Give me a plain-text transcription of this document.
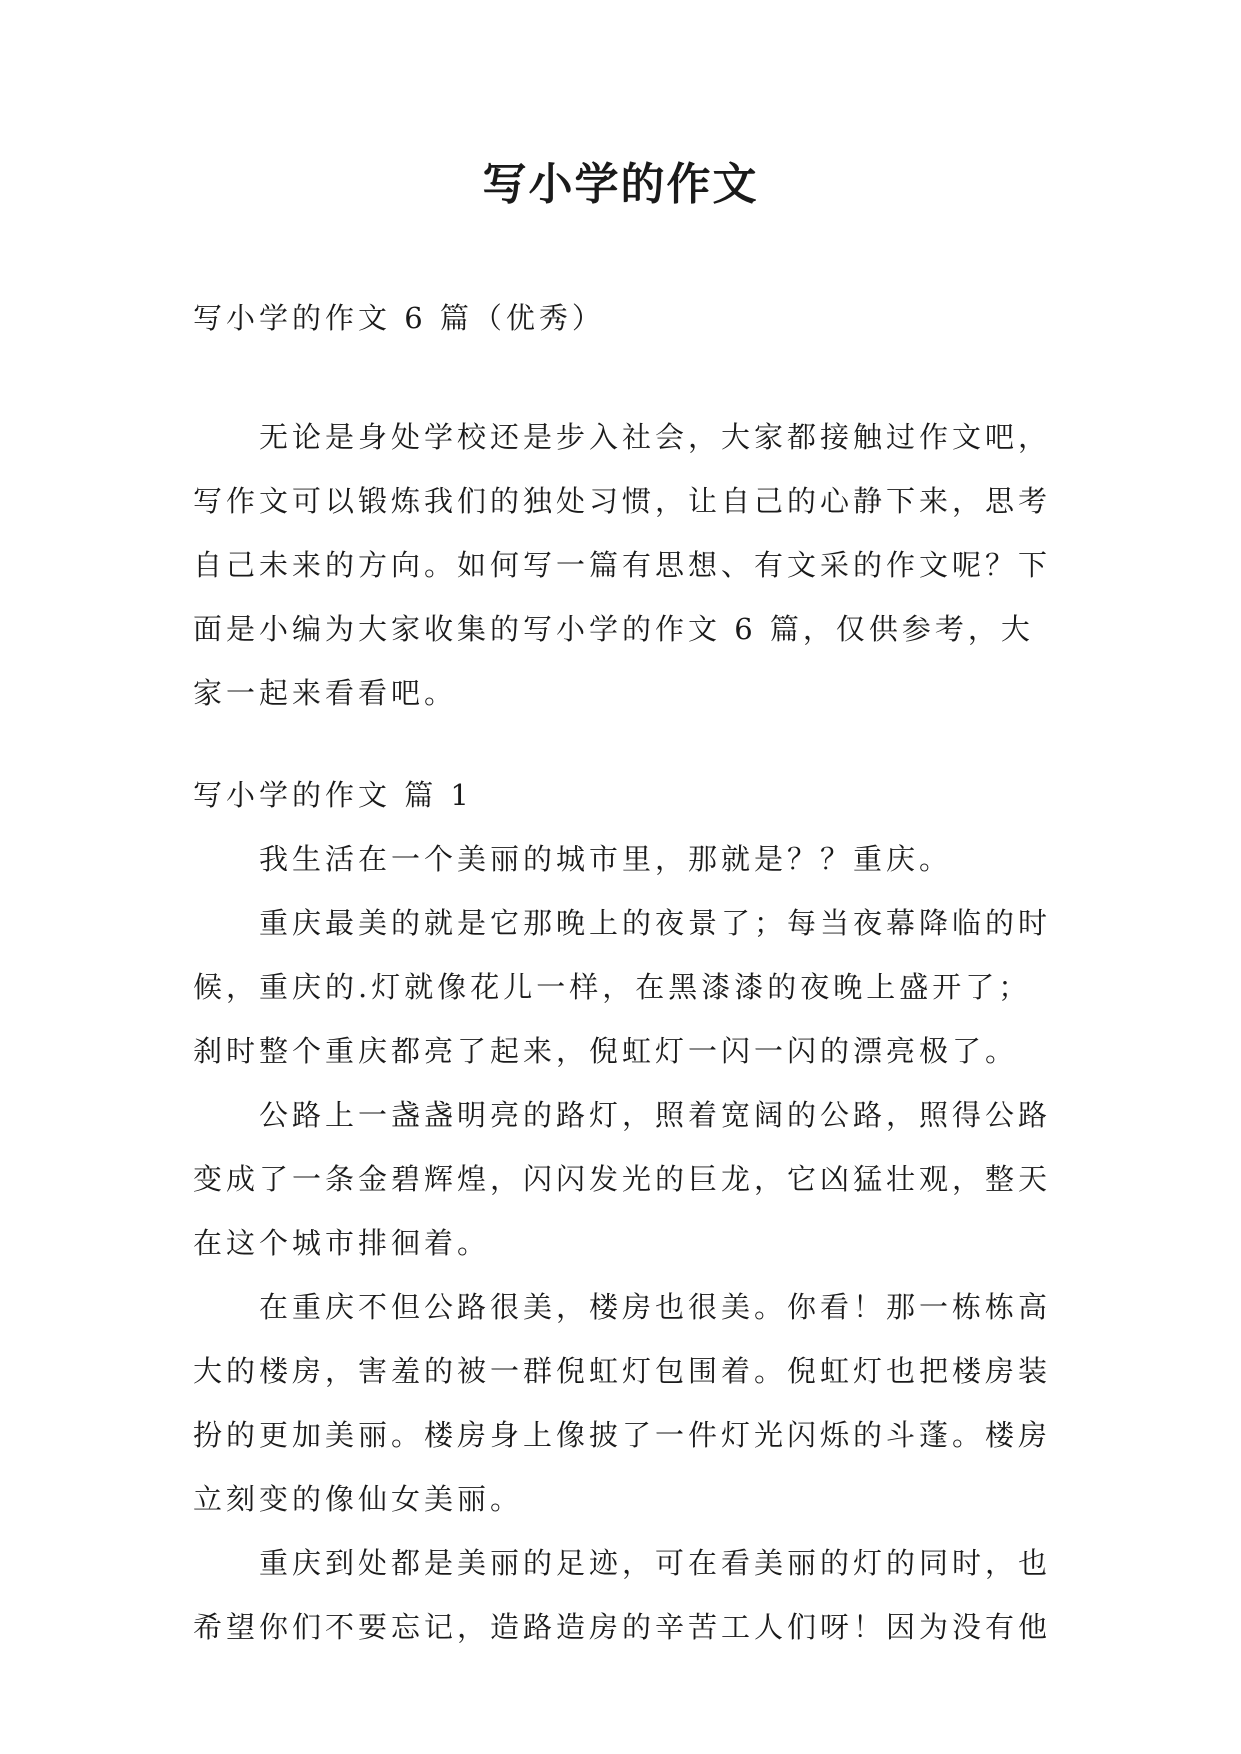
写小学的作文

写小学的作文 6 篇（优秀）

无论是身处学校还是步入社会，大家都接触过作文吧，写作文可以锻炼我们的独处习惯，让自己的心静下来，思考自己未来的方向。如何写一篇有思想、有文采的作文呢？下面是小编为大家收集的写小学的作文 6 篇，仅供参考，大家一起来看看吧。

写小学的作文 篇 1

我生活在一个美丽的城市里，那就是？？重庆。

重庆最美的就是它那晚上的夜景了；每当夜幕降临的时候，重庆的.灯就像花儿一样，在黑漆漆的夜晚上盛开了；刹时整个重庆都亮了起来，倪虹灯一闪一闪的漂亮极了。

公路上一盏盏明亮的路灯，照着宽阔的公路，照得公路变成了一条金碧辉煌，闪闪发光的巨龙，它凶猛壮观，整天在这个城市排徊着。

在重庆不但公路很美，楼房也很美。你看！那一栋栋高大的楼房，害羞的被一群倪虹灯包围着。倪虹灯也把楼房装扮的更加美丽。楼房身上像披了一件灯光闪烁的斗蓬。楼房立刻变的像仙女美丽。

重庆到处都是美丽的足迹，可在看美丽的灯的同时，也希望你们不要忘记，造路造房的辛苦工人们呀！因为没有他
